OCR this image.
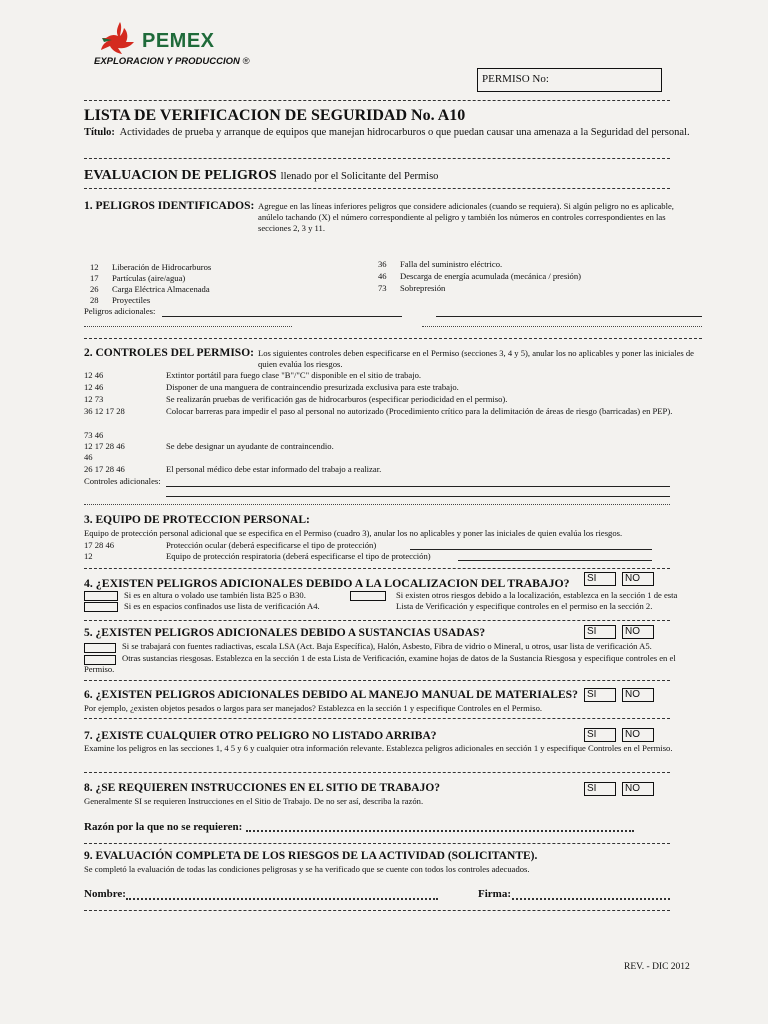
PEMEX
EXPLORACION Y PRODUCCION ®
PERMISO No:
LISTA DE VERIFICACION DE SEGURIDAD No. A10
Título: Actividades de prueba y arranque de equipos que manejan hidrocarburos o que puedan causar una amenaza a la Seguridad del personal.
EVALUACION DE PELIGROS llenado por el Solicitante del Permiso
1. PELIGROS IDENTIFICADOS: Agregue en las líneas inferiores peligros que considere adicionales (cuando se requiera). Si algún peligro no es aplicable, anúlelo tachando (X) el número correspondiente al peligro y también los números en controles correspondientes en las secciones 2, 3 y 11.
12 Liberación de Hidrocarburos
17 Partículas (aire/agua)
26 Carga Eléctrica Almacenada
28 Proyectiles
36 Falla del suministro eléctrico.
46 Descarga de energía acumulada (mecánica / presión)
73 Sobrepresión
Peligros adicionales:
2. CONTROLES DEL PERMISO: Los siguientes controles deben especificarse en el Permiso (secciones 3, 4 y 5), anular los no aplicables y poner las iniciales de quien evalúa los riesgos.
12 46	Extintor portátil para fuego clase "B"/"C" disponible en el sitio de trabajo.
12 46	Disponer de una manguera de contraincendio presurizada exclusiva para este trabajo.
12 73	Se realizarán pruebas de verificación gas de hidrocarburos (especificar periodicidad en el permiso).
36 12 17 28	Colocar barreras para impedir el paso al personal no autorizado (Procedimiento crítico para la delimitación de áreas de riesgo (barricadas) en PEP).
73 46
12 17 28 46	Se debe designar un ayudante de contraincendio.
46
26 17 28 46	El personal médico debe estar informado del trabajo a realizar.
Controles adicionales:
3. EQUIPO DE PROTECCION PERSONAL:
Equipo de protección personal adicional que se especifica en el Permiso (cuadro 3), anular los no aplicables y poner las iniciales de quien evalúa los riesgos.
17 28 46	Protección ocular (deberá especificarse el tipo de protección)
12	Equipo de protección respiratoria (deberá especificarse el tipo de protección)
4. ¿EXISTEN PELIGROS ADICIONALES DEBIDO A LA LOCALIZACION DEL TRABAJO?	SI	NO
Si es en altura o volado use también lista B25 o B30.
Si es en espacios confinados use lista de verificación A4.
Si existen otros riesgos debido a la localización, establezca en la sección 1 de esta Lista de Verificación y especifique controles en el permiso en la sección 2.
5. ¿EXISTEN PELIGROS ADICIONALES DEBIDO A SUSTANCIAS USADAS?	SI	NO
Si se trabajará con fuentes radiactivas, escala LSA (Act. Baja Específica), Halón, Asbesto, Fibra de vidrio o Mineral, u otros, usar lista de verificación A5.
Otras sustancias riesgosas. Establezca en la sección 1 de esta Lista de Verificación, examine hojas de datos de la Sustancia Riesgosa y especifique controles en el Permiso.
6. ¿EXISTEN PELIGROS ADICIONALES DEBIDO AL MANEJO MANUAL DE MATERIALES? SI	NO
Por ejemplo, ¿existen objetos pesados o largos para ser manejados? Establezca en la sección 1 y especifique Controles en el Permiso.
7. ¿EXISTE CUALQUIER OTRO PELIGRO NO LISTADO ARRIBA?	SI	NO
Examine los peligros en las secciones 1, 4 5 y 6 y cualquier otra información relevante. Establezca peligros adicionales en sección 1 y especifique Controles en el Permiso.
8. ¿SE REQUIEREN INSTRUCCIONES EN EL SITIO DE TRABAJO?	SI	NO
Generalmente SI se requieren Instrucciones en el Sitio de Trabajo. De no ser así, describa la razón.
Razón por la que no se requieren:
9. EVALUACIÓN COMPLETA DE LOS RIESGOS DE LA ACTIVIDAD (SOLICITANTE).
Se completó la evaluación de todas las condiciones peligrosas y se ha verificado que se cuente con todos los controles adecuados.
Nombre:	Firma:
REV. - DIC 2012
